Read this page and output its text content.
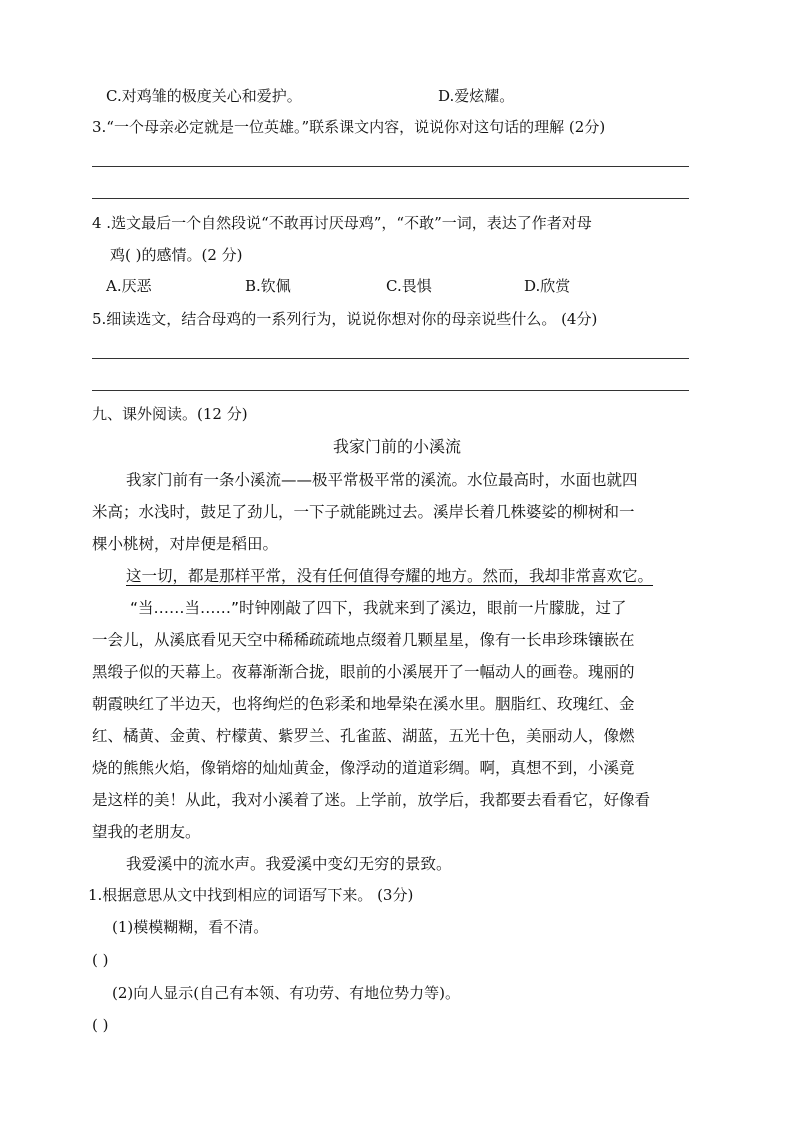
C.对鸡雏的极度关心和爱护。	D.爱炫耀。
3.“一个母亲必定就是一位英雄。”联系课文内容，说说你对这句话的理解 (2分)
4 .选文最后一个自然段说“不敢再讨厌母鸡”，“不敢”一词，表达了作者对母
鸡( )的感情。(2 分)
A.厌恶	B.钦佩	C.畏惧	D.欣赏
5.细读选文，结合母鸡的一系列行为，说说你想对你的母亲说些什么。 (4分)
九、课外阅读。(12 分)
我家门前的小溪流
我家门前有一条小溪流——极平常极平常的溪流。水位最高时，水面也就四
米高；水浅时，鼓足了劲儿，一下子就能跳过去。溪岸长着几株婆娑的柳树和一
棵小桃树，对岸便是稻田。
这一切，都是那样平常，没有任何值得夸耀的地方。然而，我却非常喜欢它。
“当……当……”时钟刚敲了四下，我就来到了溪边，眼前一片朦胧，过了
一会儿，从溪底看见天空中稀稀疏疏地点缀着几颗星星，像有一长串珍珠镶嵌在
黑缎子似的天幕上。夜幕渐渐合拢，眼前的小溪展开了一幅动人的画卷。瑰丽的
朝霞映红了半边天，也将绚烂的色彩柔和地晕染在溪水里。胭脂红、玫瑰红、金
红、橘黄、金黄、柠檬黄、紫罗兰、孔雀蓝、湖蓝，五光十色，美丽动人，像燃
烧的熊熊火焰，像销熔的灿灿黄金，像浮动的道道彩绸。啊，真想不到，小溪竟
是这样的美！从此，我对小溪着了迷。上学前，放学后，我都要去看看它，好像看
望我的老朋友。
我爱溪中的流水声。我爱溪中变幻无穷的景致。
1.根据意思从文中找到相应的词语写下来。 (3分)
(1)模模糊糊，看不清。
( )
(2)向人显示(自己有本领、有功劳、有地位势力等)。
( )
